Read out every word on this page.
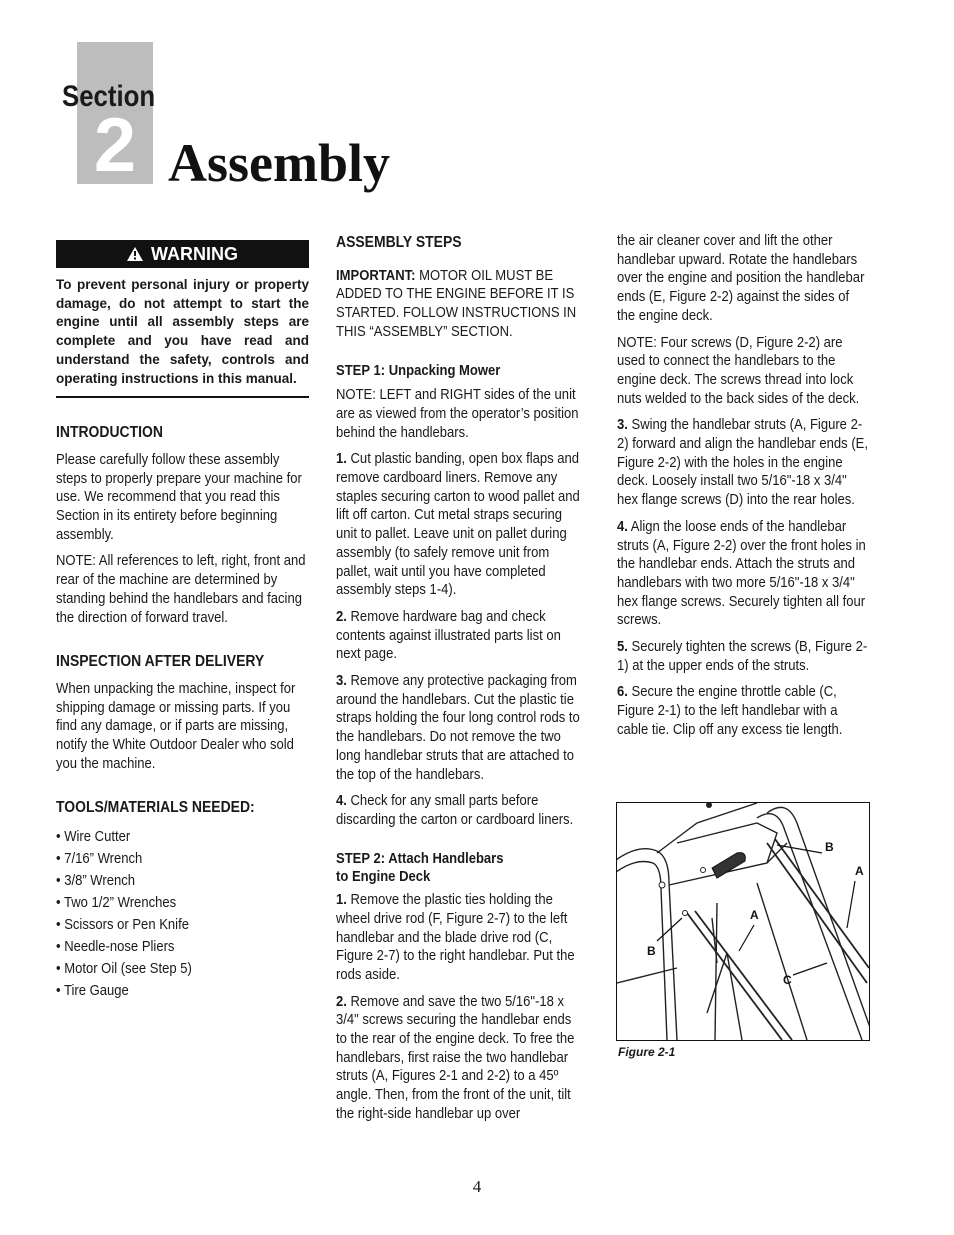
2
Section
Assembly
WARNING
To prevent personal injury or property damage, do not attempt to start the engine until all assembly steps are complete and you have read and understand the safety, controls and operating instructions in this manual.
INTRODUCTION

Please carefully follow these assembly steps to properly prepare your machine for use. We recommend that you read this Section in its entirety before beginning assembly.

NOTE: All references to left, right, front and rear of the machine are determined by standing behind the handlebars and facing the direction of forward travel.

INSPECTION AFTER DELIVERY

When unpacking the machine, inspect for shipping damage or missing parts. If you find any damage, or if parts are missing, notify the White Outdoor Dealer who sold you the machine.

TOOLS/MATERIALS NEEDED:
• Wire Cutter
• 7/16” Wrench
• 3/8” Wrench
• Two 1/2” Wrenches
• Scissors or Pen Knife
• Needle-nose Pliers
• Motor Oil (see Step 5)
• Tire Gauge
ASSEMBLY STEPS

IMPORTANT: MOTOR OIL MUST BE ADDED TO THE ENGINE BEFORE IT IS STARTED. FOLLOW INSTRUCTIONS IN THIS “ASSEMBLY” SECTION.

STEP 1: Unpacking Mower

NOTE: LEFT and RIGHT sides of the unit are as viewed from the operator’s position behind the handlebars.

1. Cut plastic banding, open box flaps and remove cardboard liners. Remove any staples securing carton to wood pallet and lift off carton. Cut metal straps securing unit to pallet. Leave unit on pallet during assembly (to safely remove unit from pallet, wait until you have completed assembly steps 1-4).

2. Remove hardware bag and check contents against illustrated parts list on next page.

3. Remove any protective packaging from around the handlebars. Cut the plastic tie straps holding the four long control rods to the handlebars. Do not remove the two long handlebar struts that are attached to the top of the handlebars.

4. Check for any small parts before discarding the carton or cardboard liners.

STEP 2: Attach Handlebars
to Engine Deck

1. Remove the plastic ties holding the wheel drive rod (F, Figure 2-7) to the left handlebar and the blade drive rod (C, Figure 2-7) to the right handlebar. Put the rods aside.

2. Remove and save the two 5/16"-18 x 3/4" screws securing the handlebar ends to the rear of the engine deck. To free the handlebars, first raise the two handlebar struts (A, Figures 2-1 and 2-2) to a 45º angle. Then, from the front of the unit, tilt the right-side handlebar up over

the air cleaner cover and lift the other handlebar upward. Rotate the handlebars over the engine and position the handlebar ends (E, Figure 2-2) against the sides of the engine deck.

NOTE: Four screws (D, Figure 2-2) are used to connect the handlebars to the engine deck. The screws thread into lock nuts welded to the back sides of the deck.

3. Swing the handlebar struts (A, Figure 2-2) forward and align the handlebar ends (E, Figure 2-2) with the holes in the engine deck. Loosely install two 5/16"-18 x 3/4" hex flange screws (D) into the rear holes.

4. Align the loose ends of the handlebar struts (A, Figure 2-2) over the front holes in the handlebar ends. Attach the struts and handlebars with two more 5/16"-18 x 3/4" hex flange screws. Securely tighten all four screws.

5. Securely tighten the screws (B, Figure 2-1) at the upper ends of the struts.

6. Secure the engine throttle cable (C, Figure 2-1) to the left handlebar with a cable tie. Clip off any excess tie length.

B
A
A
B
C
Figure 2-1
4
